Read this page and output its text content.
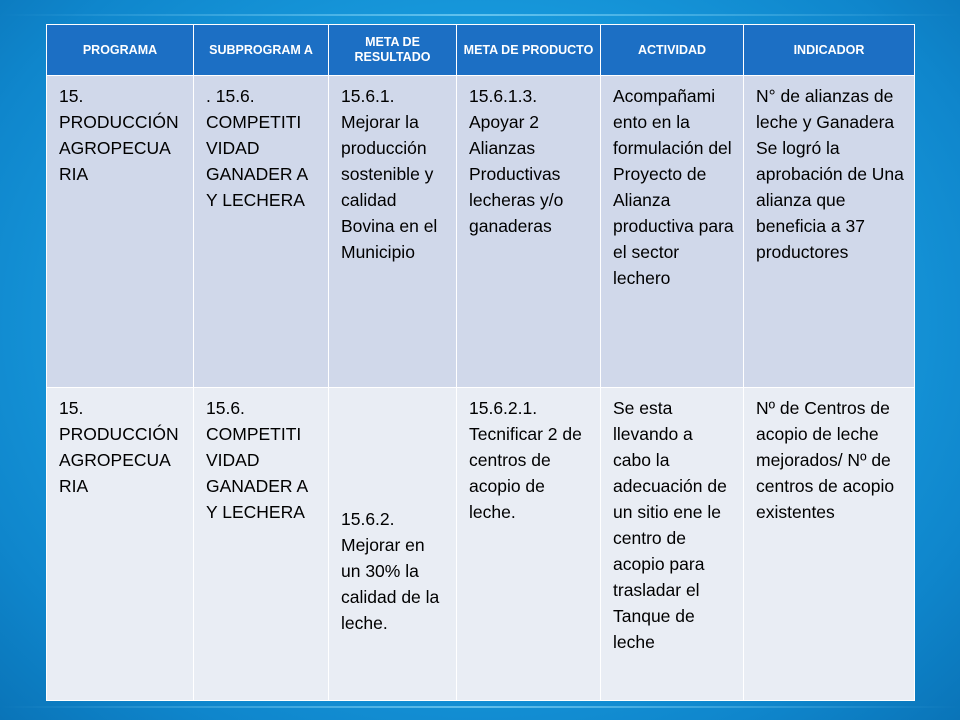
PROGRAMA	SUBPROGRAM A	META DE RESULTADO	META DE PRODUCTO	ACTIVIDAD	INDICADOR
15. PRODUCCIÓN AGROPECUA RIA	. 15.6. COMPETITI VIDAD GANADER A Y LECHERA	15.6.1. Mejorar la producción sostenible y calidad Bovina en el Municipio	15.6.1.3. Apoyar 2 Alianzas Productivas lecheras y/o ganaderas	Acompañami ento en la formulación del Proyecto de Alianza productiva para el sector lechero	N° de alianzas de leche y Ganadera Se logró la aprobación de Una alianza que beneficia a 37 productores
15. PRODUCCIÓN AGROPECUA RIA	15.6. COMPETITI VIDAD GANADER A Y LECHERA	15.6.2. Mejorar en un 30% la calidad de la leche.	15.6.2.1. Tecnificar 2 de centros de acopio de leche.	Se esta llevando a cabo la adecuación de un sitio ene le centro de acopio para trasladar el Tanque de leche	Nº de Centros de acopio de leche mejorados/ Nº de centros de acopio existentes
